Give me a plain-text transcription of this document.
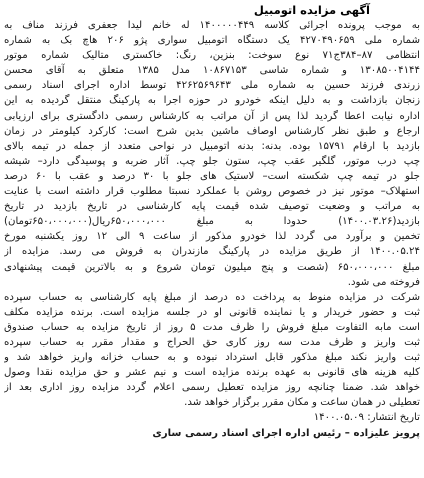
آگهی مزایده اتومبیل
به موجب پرونده اجرائی کلاسه ۱۴۰۰۰۰۰۴۴۹ له خانم لیدا جعفری فرزند مناف به
شماره ملی ۴۲۷۰۴۹۰۶۵۹ یک دستگاه اتومبیل سواری پژو ۲۰۶ هاچ بک به شماره
انتظامی ۸۷–۳۸۴ج۷۱ نوع سوخت: بنزین، رنگ: خاکستری متالیک شماره موتور
۱۳۰۸۵۰۰۴۱۴۴ و شماره شاسی ۱۰۸۶۷۱۵۳ مدل ۱۳۸۵ متعلق به آقای محسن
زرندی فرزند حسین به شماره ملی ۴۲۶۲۵۶۹۶۴۳ توسط اداره اجرای اسناد رسمی
زنجان بازداشت و به دلیل اینکه خودرو در حوزه اجرا به پارکینگ منتقل گردیده به این
اداره نیابت اعطا گردید لذا پس از آن مراتب به کارشناس رسمی دادگستری برای ارزیابی
ارجاع و طبق نظر کارشناس اوصاف ماشین بدین شرح است: کارکرد کیلومتر در زمان
بازدید با ارقام ۱۵۷۹۱ بوده. بدنه: بدنه اتومبیل در نواحی متعدد از جمله در تیمه بالای
چپ درب موتور، گلگیر عقب چپ، ستون جلو چپ. آثار ضربه و پوسیدگی دارد– شیشه
جلو در تیمه چپ شکسته است– لاستیک های جلو با ۳۰ درصد و عقب با ۶۰ درصد
استهلاک– موتور نیز در خصوص روشن با عملکرد نسبتا مطلوب قرار داشته است با عنایت
به مراتب و وضعیت توصیف شده قیمت پایه کارشناسی در تاریخ بازدید در تاریخ
بازدید(۱۴۰۰.۰۳.۲۶) حدودا به مبلغ ۶۵۰،۰۰۰،۰۰۰ریال(۶۵۰،۰۰۰،۰۰۰تومان)
تخمین و برآورد می گردد لذا خودرو مذکور از ساعت ۹ الی ۱۲ روز یکشنبه مورخ
۱۴۰۰.۰۵.۲۴ از طریق مزایده در پارکینگ مازندران به فروش می رسد. مزایده از
مبلغ ۶۵۰،۰۰۰،۰۰۰ (شصت و پنج میلیون تومان شروع و به بالاترین قیمت پیشنهادی
فروخته می شود.
شرکت در مزایده منوط به پرداخت ده درصد از مبلغ پایه کارشناسی به حساب سپرده
ثبت و حضور خریدار و یا نماینده قانونی او در جلسه مزایده است. برنده مزایده مکلف
است مابه التفاوت مبلغ فروش را ظرف مدت ۵ روز از تاریخ مزایده به حساب صندوق
ثبت واریز و ظرف مدت سه روز کاری حق الحراج و مقدار مقرر به حساب سپرده
ثبت واریز نکند مبلغ مذکور قابل استرداد نبوده و به حساب خزانه واریز خواهد شد و
کلیه هزینه های قانونی به عهده برنده مزایده است و نیم عشر و حق مزایده نقدا وصول
خواهد شد. ضمنا چنانچه روز مزایده تعطیل رسمی اعلام گردد مزایده روز اداری بعد از
تعطیلی در همان ساعت و مکان مقرر برگزار خواهد شد.
تاریخ انتشار: ۱۴۰۰.۰۵.۰۹
پرویز علیزاده – رئیس اداره اجرای اسناد رسمی ساری
